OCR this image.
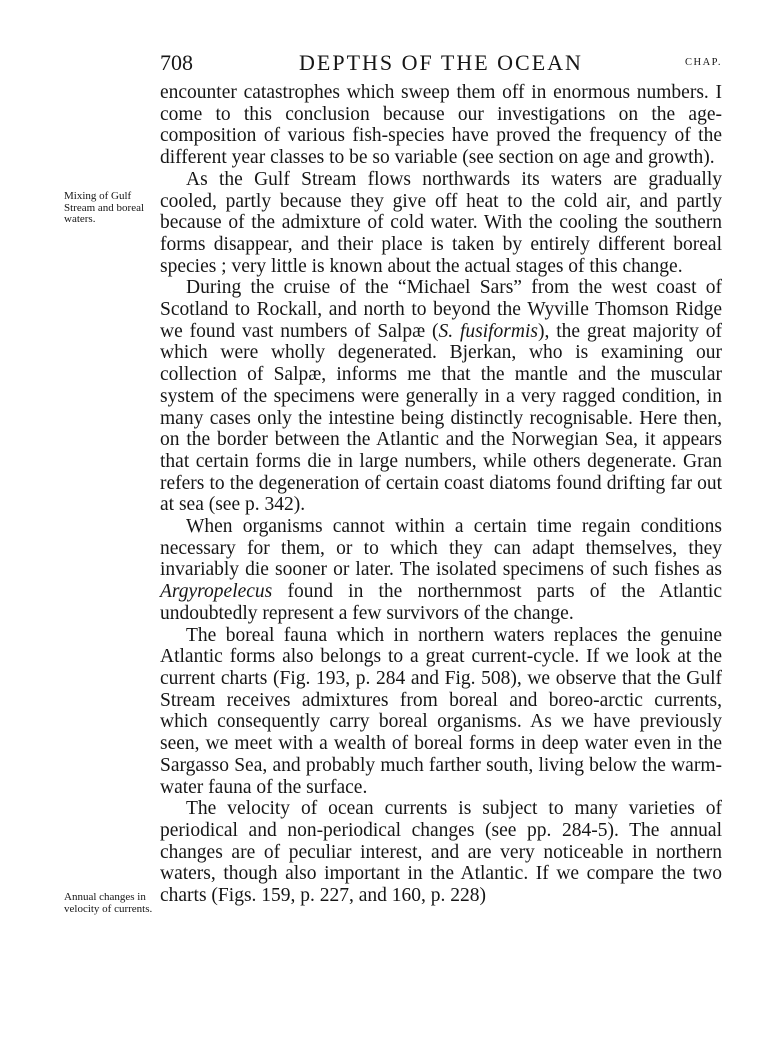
708	DEPTHS OF THE OCEAN	CHAP.
Mixing of Gulf Stream and boreal waters.
Annual changes in velocity of currents.

encounter catastrophes which sweep them off in enormous numbers. I come to this conclusion because our investigations on the age-composition of various fish-species have proved the frequency of the different year classes to be so variable (see section on age and growth).

As the Gulf Stream flows northwards its waters are gradually cooled, partly because they give off heat to the cold air, and partly because of the admixture of cold water. With the cooling the southern forms disappear, and their place is taken by entirely different boreal species ; very little is known about the actual stages of this change.

During the cruise of the “Michael Sars” from the west coast of Scotland to Rockall, and north to beyond the Wyville Thomson Ridge we found vast numbers of Salpæ (S. fusiformis), the great majority of which were wholly degenerated. Bjerkan, who is examining our collection of Salpæ, informs me that the mantle and the muscular system of the specimens were generally in a very ragged condition, in many cases only the intestine being distinctly recognisable. Here then, on the border between the Atlantic and the Norwegian Sea, it appears that certain forms die in large numbers, while others degenerate. Gran refers to the degeneration of certain coast diatoms found drifting far out at sea (see p. 342).

When organisms cannot within a certain time regain conditions necessary for them, or to which they can adapt themselves, they invariably die sooner or later. The isolated specimens of such fishes as Argyropelecus found in the northernmost parts of the Atlantic undoubtedly represent a few survivors of the change.

The boreal fauna which in northern waters replaces the genuine Atlantic forms also belongs to a great current-cycle. If we look at the current charts (Fig. 193, p. 284 and Fig. 508), we observe that the Gulf Stream receives admixtures from boreal and boreo-arctic currents, which consequently carry boreal organisms. As we have previously seen, we meet with a wealth of boreal forms in deep water even in the Sargasso Sea, and probably much farther south, living below the warm-water fauna of the surface.

The velocity of ocean currents is subject to many varieties of periodical and non-periodical changes (see pp. 284-5). The annual changes are of peculiar interest, and are very noticeable in northern waters, though also important in the Atlantic. If we compare the two charts (Figs. 159, p. 227, and 160, p. 228)
